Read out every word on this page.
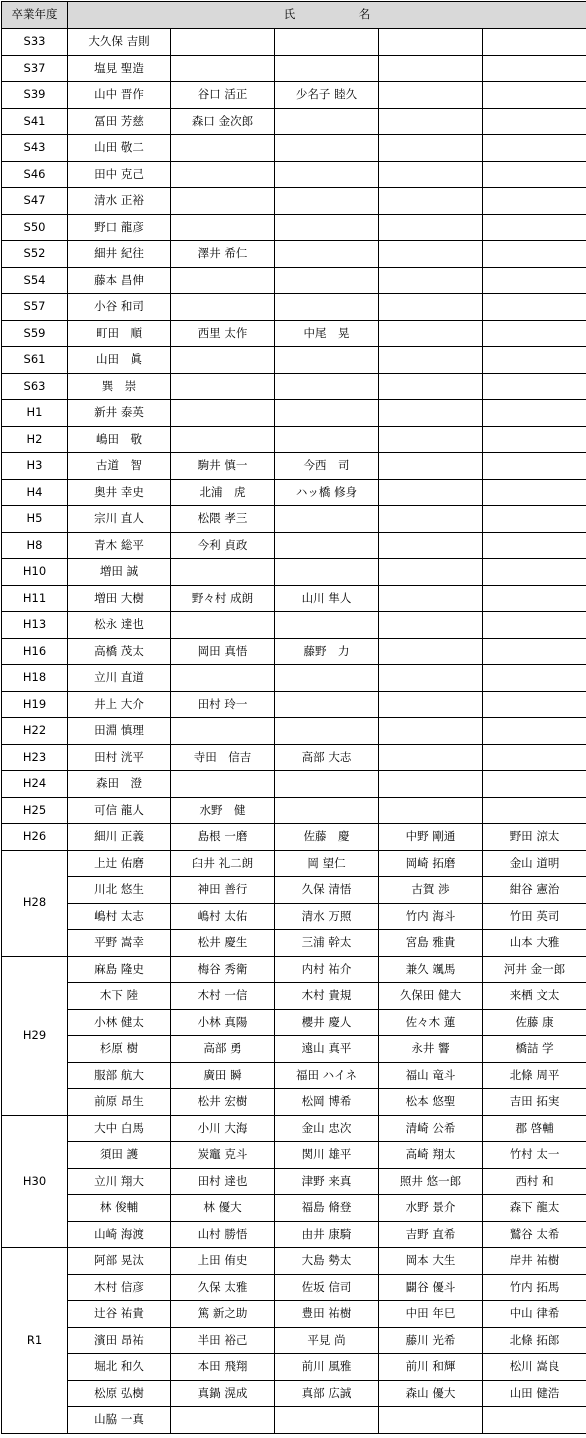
卒業年度	氏　名				
S33	大久保 吉則				
S37	塩見 聖造				
S39	山中 晋作	谷口 活正	少名子 睦久		
S41	冨田 芳慈	森口 金次郎			
S43	山田 敬二				
S46	田中 克己				
S47	清水 正裕				
S50	野口 龍彦				
S52	細井 紀往	澤井 希仁			
S54	藤本 昌伸				
S57	小谷 和司				
S59	町田　順	西里 太作	中尾　晃		
S61	山田　眞				
S63	巽　崇				
H1	新井 泰英				
H2	嶋田　敬				
H3	古道　智	駒井 慎一	今西　司		
H4	奥井 幸史	北浦　虎	ハッ橋 修身		
H5	宗川 直人	松隈 孝三			
H8	青木 総平	今利 貞政			
H10	増田 誠				
H11	増田 大樹	野々村 成朗	山川 隼人		
H13	松永 達也				
H16	高橋 茂太	岡田 真悟	藤野　力		
H18	立川 直道				
H19	井上 大介	田村 玲一			
H22	田淵 慎理				
H23	田村 洸平	寺田　信吉	高部 大志		
H24	森田　澄				
H25	可信 龍人	水野　健			
H26	細川 正義	島根 一磨	佐藤　慶	中野 剛通	野田 涼太
H28	上辻 佑磨	臼井 礼二朗	岡 望仁	岡崎 拓磨	金山 道明
	川北 悠生	神田 善行	久保 清悟	古賀 渉	紺谷 憲治
	嶋村 太志	嶋村 太佑	清水 万照	竹内 海斗	竹田 英司
	平野 嵩幸	松井 慶生	三浦 幹太	宮島 雅貴	山本 大雅
H29	麻島 隆史	梅谷 秀衛	内村 祐介	兼久 颯馬	河井 金一郎
	木下 陸	木村 一信	木村 貴規	久保田 健大	来栖 文太
	小林 健太	小林 真陽	櫻井 慶人	佐々木 蓮	佐藤 康
	杉原 樹	高部 勇	遠山 真平	永井 響	橋詰 学
	服部 航大	廣田 瞬	福田 ハイネ	福山 竜斗	北條 周平
	前原 昂生	松井 宏樹	松岡 博希	松本 悠聖	吉田 拓実
H30	大中 白馬	小川 大海	金山 忠次	清崎 公希	郡 啓輔
	須田 護	炭竈 克斗	関川 雄平	高崎 翔太	竹村 太一
	立川 翔大	田村 達也	津野 来真	照井 悠一郎	西村 和
	林 俊輔	林 優大	福島 脩登	水野 景介	森下 龍太
	山崎 海渡	山村 勝悟	由井 康騎	吉野 直希	鷲谷 太希
R1	阿部 晃汰	上田 侑史	大島 勢太	岡本 大生	岸井 祐樹
	木村 信彦	久保 太雅	佐坂 信司	闢谷 優斗	竹内 拓馬
	辻谷 祐貴	篤 新之助	豊田 祐樹	中田 年巳	中山 律希
	濱田 昂祐	半田 裕己	平見 尚	藤川 光希	北條 拓郎
	堀北 和久	本田 飛翔	前川 風雅	前川 和輝	松川 嵩良
	松原 弘樹	真鍋 滉成	真部 広誠	森山 優大	山田 健浩
	山脇 一真				
